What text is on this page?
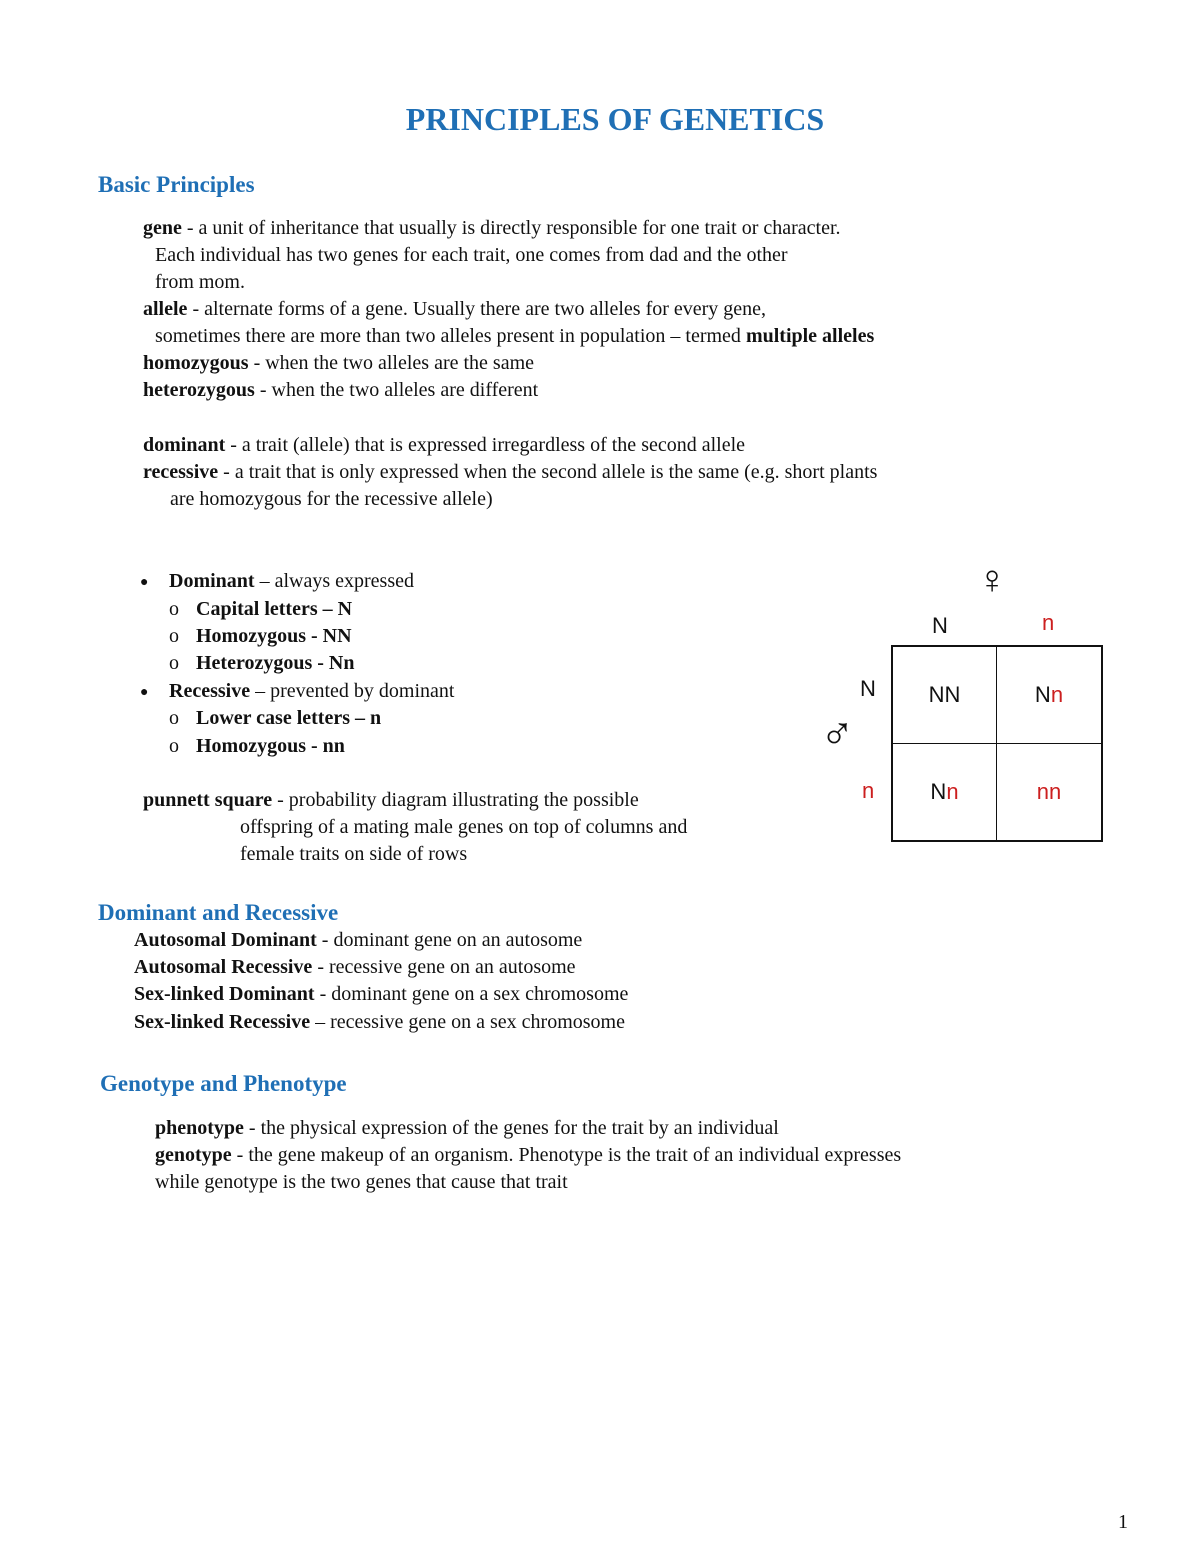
PRINCIPLES OF GENETICS
Basic Principles
gene - a unit of inheritance that usually is directly responsible for one trait or character.
Each individual has two genes for each trait, one comes from dad and the other
from mom.
allele - alternate forms of a gene. Usually there are two alleles for every gene,
sometimes there are more than two alleles present in population – termed multiple alleles
homozygous - when the two alleles are the same
heterozygous - when the two alleles are different
dominant - a trait (allele) that is expressed irregardless of the second allele
recessive - a trait that is only expressed when the second allele is the same (e.g. short plants
are homozygous for the recessive allele)
● Dominant – always expressed
o Capital letters – N
o Homozygous - NN
o Heterozygous - Nn
● Recessive – prevented by dominant
o Lower case letters – n
o Homozygous - nn
punnett square - probability diagram illustrating the possible
offspring of a mating male genes on top of columns and
female traits on side of rows
♀
N	n
N
♂
n
NN	N n
N n	nn
Dominant and Recessive
Autosomal Dominant - dominant gene on an autosome
Autosomal Recessive - recessive gene on an autosome
Sex-linked Dominant - dominant gene on a sex chromosome
Sex-linked Recessive – recessive gene on a sex chromosome
Genotype and Phenotype
phenotype - the physical expression of the genes for the trait by an individual
genotype - the gene makeup of an organism. Phenotype is the trait of an individual expresses
while genotype is the two genes that cause that trait
1
